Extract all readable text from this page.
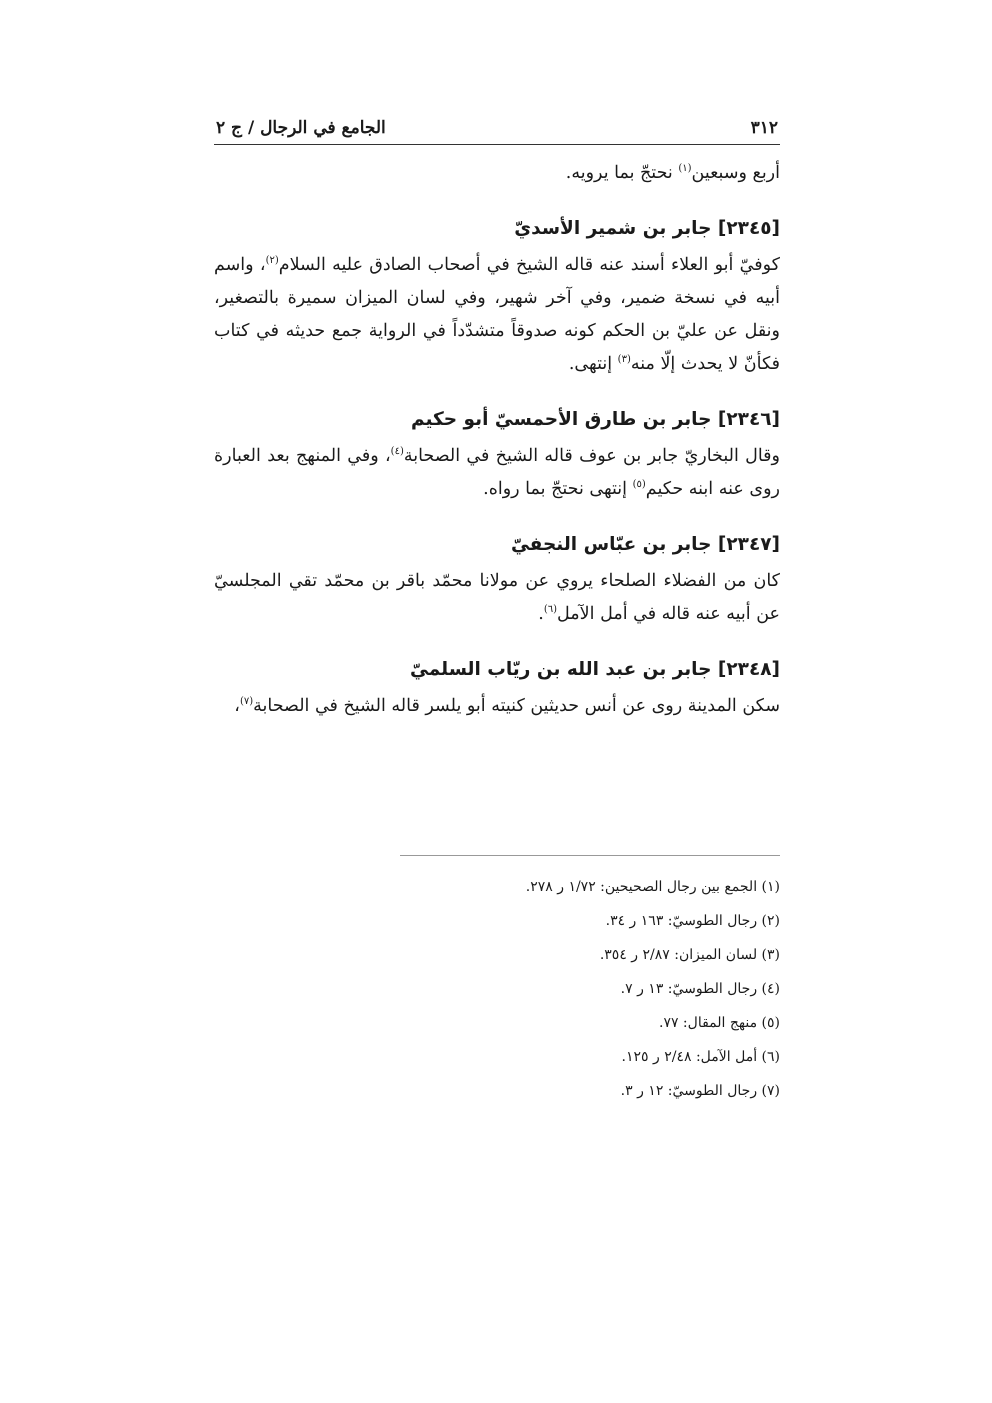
٣١٢
الجامع في الرجال / ج ٢

أربع وسبعين$^{(١)}$ نحتجّ بما يرويه.

[٢٣٤٥] جابر بن شمير الأسديّ

كوفيّ أبو العلاء أسند عنه قاله الشيخ في أصحاب الصادق عليه السلام$^{(٢)}$، واسم أبيه في نسخة ضمير، وفي آخر شهير، وفي لسان الميزان سميرة بالتصغير، ونقل عن عليّ بن الحكم كونه صدوقاً متشدّداً في الرواية جمع حديثه في كتاب فكأنّ لا يحدث إلّا منه$^{(٣)}$ إنتهى.

[٢٣٤٦] جابر بن طارق الأحمسيّ أبو حكيم

وقال البخاريّ جابر بن عوف قاله الشيخ في الصحابة$^{(٤)}$، وفي المنهج بعد العبارة روى عنه ابنه حكيم$^{(٥)}$ إنتهى نحتجّ بما رواه.

[٢٣٤٧] جابر بن عبّاس النجفيّ

كان من الفضلاء الصلحاء يروي عن مولانا محمّد باقر بن محمّد تقي المجلسيّ عن أبيه عنه قاله في أمل الآمل$^{(٦)}$.

[٢٣٤٨] جابر بن عبد الله بن ريّاب السلميّ

سكن المدينة روى عن أنس حديثين كنيته أبو يلسر قاله الشيخ في الصحابة$^{(٧)}$،

(١) الجمع بين رجال الصحيحين: ١/٧٢ ر ٢٧٨.

(٢) رجال الطوسيّ: ١٦٣ ر ٣٤.

(٣) لسان الميزان: ٢/٨٧ ر ٣٥٤.

(٤) رجال الطوسيّ: ١٣ ر ٧.

(٥) منهج المقال: ٧٧.

(٦) أمل الآمل: ٢/٤٨ ر ١٢٥.

(٧) رجال الطوسيّ: ١٢ ر ٣.
